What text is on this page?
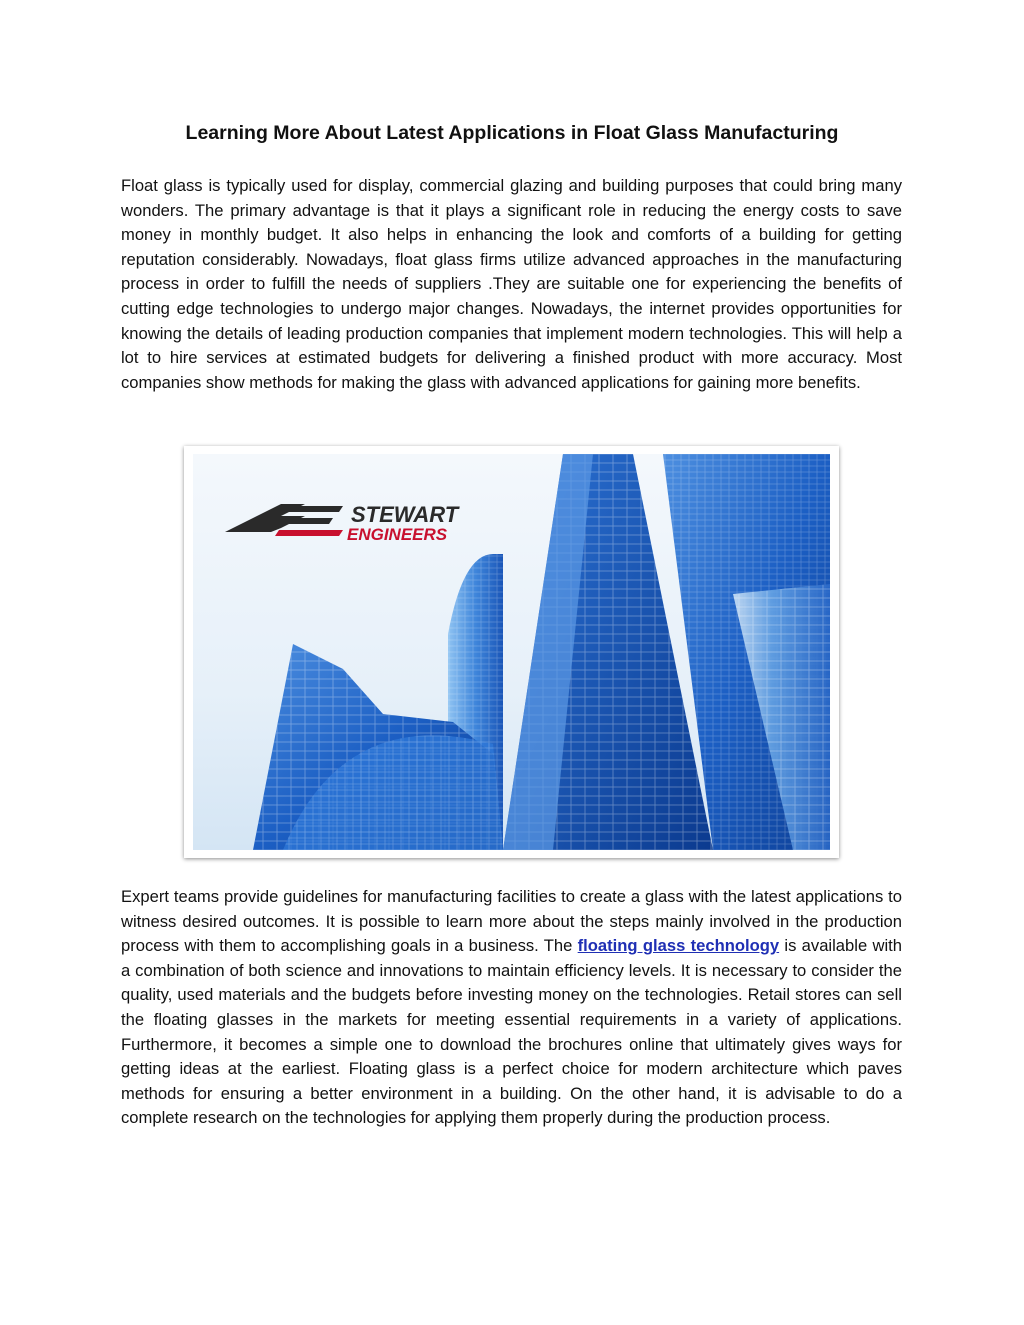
Learning More About Latest Applications in Float Glass Manufacturing

Float glass is typically used for display, commercial glazing and building purposes that could bring many wonders. The primary advantage is that it plays a significant role in reducing the energy costs to save money in monthly budget. It also helps in enhancing the look and comforts of a building for getting reputation considerably. Nowadays, float glass firms utilize advanced approaches in the manufacturing process in order to fulfill the needs of suppliers .They are suitable one for experiencing the benefits of cutting edge technologies to undergo major changes. Nowadays, the internet provides opportunities for knowing the details of leading production companies that implement modern technologies. This will help a lot to hire services at estimated budgets for delivering a finished product with more accuracy. Most companies show methods for making the glass with advanced applications for gaining more benefits.

STEWART
ENGINEERS

Expert teams provide guidelines for manufacturing facilities to create a glass with the latest applications to witness desired outcomes. It is possible to learn more about the steps mainly involved in the production process with them to accomplishing goals in a business. The floating glass technology is available with a combination of both science and innovations to maintain efficiency levels. It is necessary to consider the quality, used materials and the budgets before investing money on the technologies. Retail stores can sell the floating glasses in the markets for meeting essential requirements in a variety of applications. Furthermore, it becomes a simple one to download the brochures online that ultimately gives ways for getting ideas at the earliest. Floating glass is a perfect choice for modern architecture which paves methods for ensuring a better environment in a building. On the other hand, it is advisable to do a complete research on the technologies for applying them properly during the production process.
